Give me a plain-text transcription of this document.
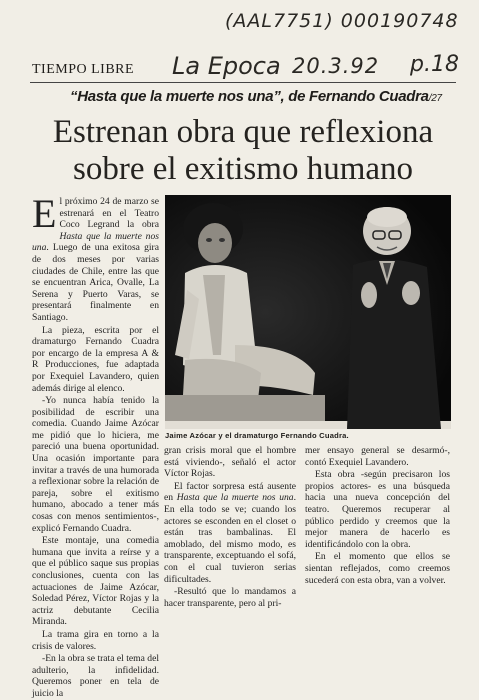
(AAL7751) 000190748
TIEMPO LIBRE La Epoca 20.3.92 p.18
“Hasta que la muerte nos una”, de Fernando Cuadra/27
Estrenan obra que reflexiona
sobre el exitismo humano

El próximo 24 de marzo se estrenará en el Teatro Coco Legrand la obra Hasta que la muerte nos una. Luego de una exitosa gira de dos meses por varias ciudades de Chile, entre las que se encuentran Arica, Ovalle, La Serena y Puerto Varas, se presentará finalmente en Santiago.

La pieza, escrita por el dramaturgo Fernando Cuadra por encargo de la empresa A & R Producciones, fue adaptada por Exequiel Lavandero, quien además dirige al elenco.

-Yo nunca había tenido la posibilidad de escribir una comedia. Cuando Jaime Azócar me pidió que lo hiciera, me pareció una buena oportunidad. Una ocasión importante para invitar a través de una humorada a reflexionar sobre la relación de pareja, sobre el exitismo humano, abocado a tener más cosas con menos sentimientos-, explicó Fernando Cuadra.

Este montaje, una comedia humana que invita a reírse y a que el público saque sus propias conclusiones, cuenta con las actuaciones de Jaime Azócar, Soledad Pérez, Víctor Rojas y la actriz debutante Cecilia Miranda.

La trama gira en torno a la crisis de valores.

-En la obra se trata el tema del adulterio, la infidelidad. Queremos poner en tela de juicio la

Jaime Azócar y el dramaturgo Fernando Cuadra.

gran crisis moral que el hombre está viviendo-, señaló el actor Víctor Rojas.

El factor sorpresa está ausente en Hasta que la muerte nos una. En ella todo se ve; cuando los actores se esconden en el closet o están tras bambalinas. El amoblado, del mismo modo, es transparente, exceptuando el sofá, con el cual tuvieron serias dificultades.

-Resultó que lo mandamos a hacer transparente, pero al pri-

mer ensayo general se desarmó-, contó Exequiel Lavandero.

Esta obra -según precisaron los propios actores- es una búsqueda hacia una nueva concepción del teatro. Queremos recuperar al público perdido y creemos que la mejor manera de hacerlo es identificándolo con la obra.

En el momento que ellos se sientan reflejados, como creemos sucederá con esta obra, van a volver.
